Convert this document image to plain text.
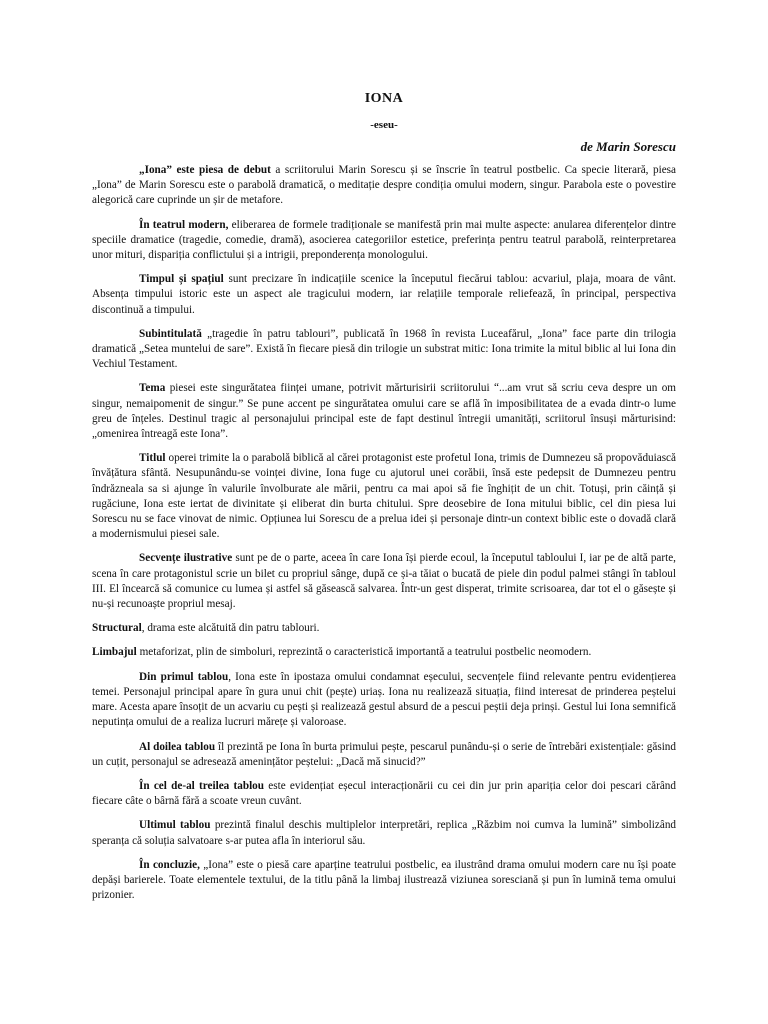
IONA
-eseu-
de Marin Sorescu

„Iona” este piesa de debut a scriitorului Marin Sorescu și se înscrie în teatrul postbelic. Ca specie literară, piesa „Iona” de Marin Sorescu este o parabolă dramatică, o meditație despre condiția omului modern, singur. Parabola este o povestire alegorică care cuprinde un șir de metafore.

În teatrul modern, eliberarea de formele tradiționale se manifestă prin mai multe aspecte: anularea diferențelor dintre speciile dramatice (tragedie, comedie, dramă), asocierea categoriilor estetice, preferința pentru teatrul parabolă, reinterpretarea unor mituri, dispariția conflictului și a intrigii, preponderența monologului.

Timpul și spațiul sunt precizare în indicațiile scenice la începutul fiecărui tablou: acvariul, plaja, moara de vânt. Absența timpului istoric este un aspect ale tragicului modern, iar relațiile temporale reliefează, în principal, perspectiva discontinuă a timpului.

Subintitulată „tragedie în patru tablouri”, publicată în 1968 în revista Luceafărul, „Iona” face parte din trilogia dramatică „Setea muntelui de sare”. Există în fiecare piesă din trilogie un substrat mitic: Iona trimite la mitul biblic al lui Iona din Vechiul Testament.

Tema piesei este singurătatea ființei umane, potrivit mărturisirii scriitorului “...am vrut să scriu ceva despre un om singur, nemaipomenit de singur.” Se pune accent pe singurătatea omului care se află în imposibilitatea de a evada dintr-o lume greu de înțeles. Destinul tragic al personajului principal este de fapt destinul întregii umanități, scriitorul însuși mărturisind: „omenirea întreagă este Iona”.

Titlul operei trimite la o parabolă biblică al cărei protagonist este profetul Iona, trimis de Dumnezeu să propovăduiască învățătura sfântă. Nesupunându-se voinței divine, Iona fuge cu ajutorul unei corăbii, însă este pedepsit de Dumnezeu pentru îndrăzneala sa si ajunge în valurile învolburate ale mării, pentru ca mai apoi să fie înghițit de un chit. Totuși, prin căință și rugăciune, Iona este iertat de divinitate și eliberat din burta chitului. Spre deosebire de Iona mitului biblic, cel din piesa lui Sorescu nu se face vinovat de nimic. Opțiunea lui Sorescu de a prelua idei și personaje dintr-un context biblic este o dovadă clară a modernismului piesei sale.

Secvențe ilustrative sunt pe de o parte, aceea în care Iona își pierde ecoul, la începutul tabloului I, iar pe de altă parte, scena în care protagonistul scrie un bilet cu propriul sânge, după ce și-a tăiat o bucată de piele din podul palmei stângi în tabloul III. El încearcă să comunice cu lumea și astfel să găsească salvarea. Într-un gest disperat, trimite scrisoarea, dar tot el o găsește și nu-și recunoaște propriul mesaj.

Structural, drama este alcătuită din patru tablouri.

Limbajul metaforizat, plin de simboluri, reprezintă o caracteristică importantă a teatrului postbelic neomodern.

Din primul tablou, Iona este în ipostaza omului condamnat eșecului, secvențele fiind relevante pentru evidențierea temei. Personajul principal apare în gura unui chit (pește) uriaș. Iona nu realizează situația, fiind interesat de prinderea peștelui mare. Acesta apare însoțit de un acvariu cu pești și realizează gestul absurd de a pescui peștii deja prinși. Gestul lui Iona semnifică neputința omului de a realiza lucruri mărețe și valoroase.

Al doilea tablou îl prezintă pe Iona în burta primului pește, pescarul punându-și o serie de întrebări existențiale: găsind un cuțit, personajul se adresează amenințător peștelui: „Dacă mă sinucid?”

În cel de-al treilea tablou este evidențiat eșecul interacționării cu cei din jur prin apariția celor doi pescari cărând fiecare câte o bârnă fără a scoate vreun cuvânt.

Ultimul tablou prezintă finalul deschis multiplelor interpretări, replica „Răzbim noi cumva la lumină” simbolizând speranța că soluția salvatoare s-ar putea afla în interiorul său.

În concluzie, „Iona” este o piesă care aparține teatrului postbelic, ea ilustrând drama omului modern care nu își poate depăși barierele. Toate elementele textului, de la titlu până la limbaj ilustrează viziunea soresciană și pun în lumină tema omului prizonier.
